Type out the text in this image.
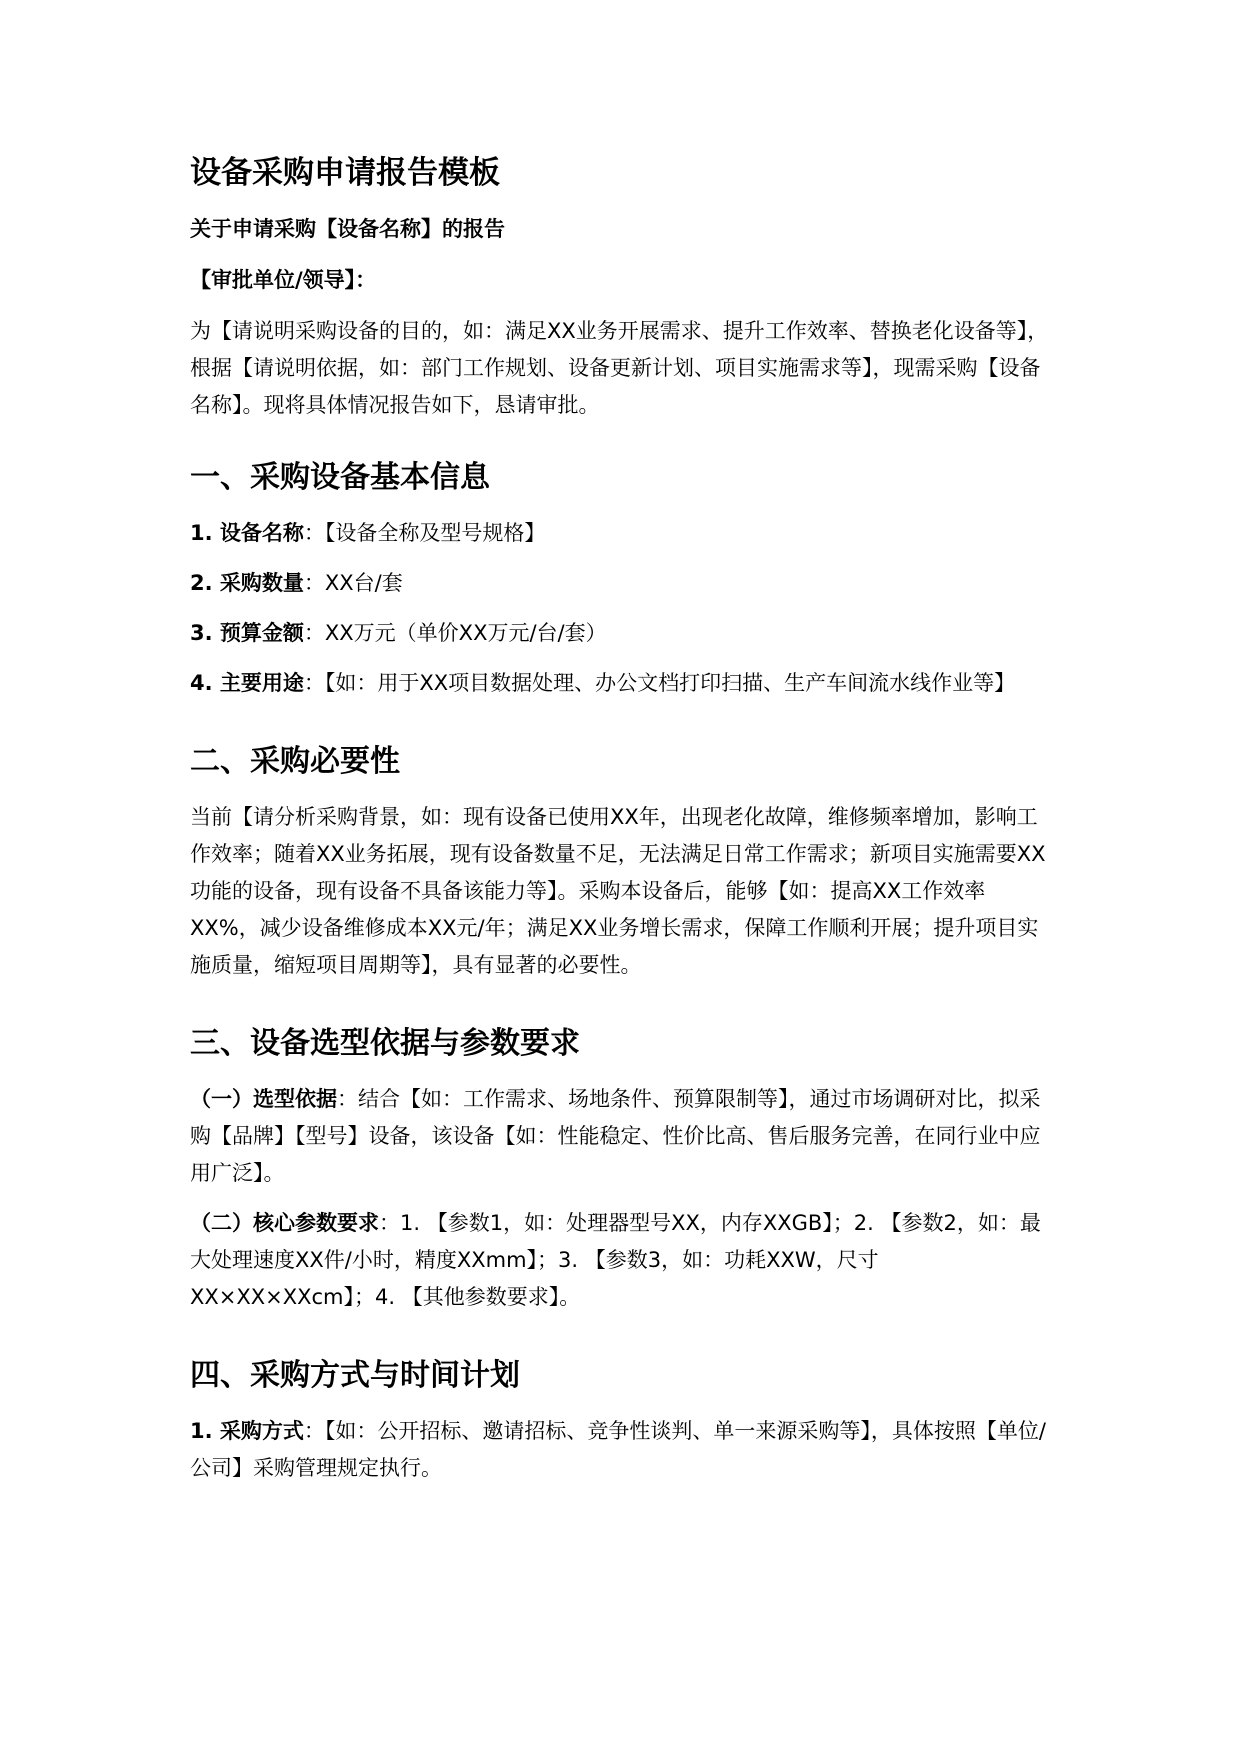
设备采购申请报告模板
关于申请采购【设备名称】的报告
【审批单位/领导】：

为【请说明采购设备的目的，如：满足XX业务开展需求、提升工作效率、替换老化设备等】，根据【请说明依据，如：部门工作规划、设备更新计划、项目实施需求等】，现需采购【设备名称】。现将具体情况报告如下，恳请审批。

一、采购设备基本信息

1. 设备名称：【设备全称及型号规格】

2. 采购数量：XX台/套

3. 预算金额：XX万元（单价XX万元/台/套）

4. 主要用途：【如：用于XX项目数据处理、办公文档打印扫描、生产车间流水线作业等】

二、采购必要性

当前【请分析采购背景，如：现有设备已使用XX年，出现老化故障，维修频率增加，影响工作效率；随着XX业务拓展，现有设备数量不足，无法满足日常工作需求；新项目实施需要XX功能的设备，现有设备不具备该能力等】。采购本设备后，能够【如：提高XX工作效率XX%，减少设备维修成本XX元/年；满足XX业务增长需求，保障工作顺利开展；提升项目实施质量，缩短项目周期等】，具有显著的必要性。

三、设备选型依据与参数要求

（一）选型依据：结合【如：工作需求、场地条件、预算限制等】，通过市场调研对比，拟采购【品牌】【型号】设备，该设备【如：性能稳定、性价比高、售后服务完善，在同行业中应用广泛】。

（二）核心参数要求：1. 【参数1，如：处理器型号XX，内存XXGB】；2. 【参数2，如：最大处理速度XX件/小时，精度XXmm】；3. 【参数3，如：功耗XXW，尺寸XX×XX×XXcm】；4. 【其他参数要求】。

四、采购方式与时间计划

1. 采购方式：【如：公开招标、邀请招标、竞争性谈判、单一来源采购等】，具体按照【单位/公司】采购管理规定执行。
